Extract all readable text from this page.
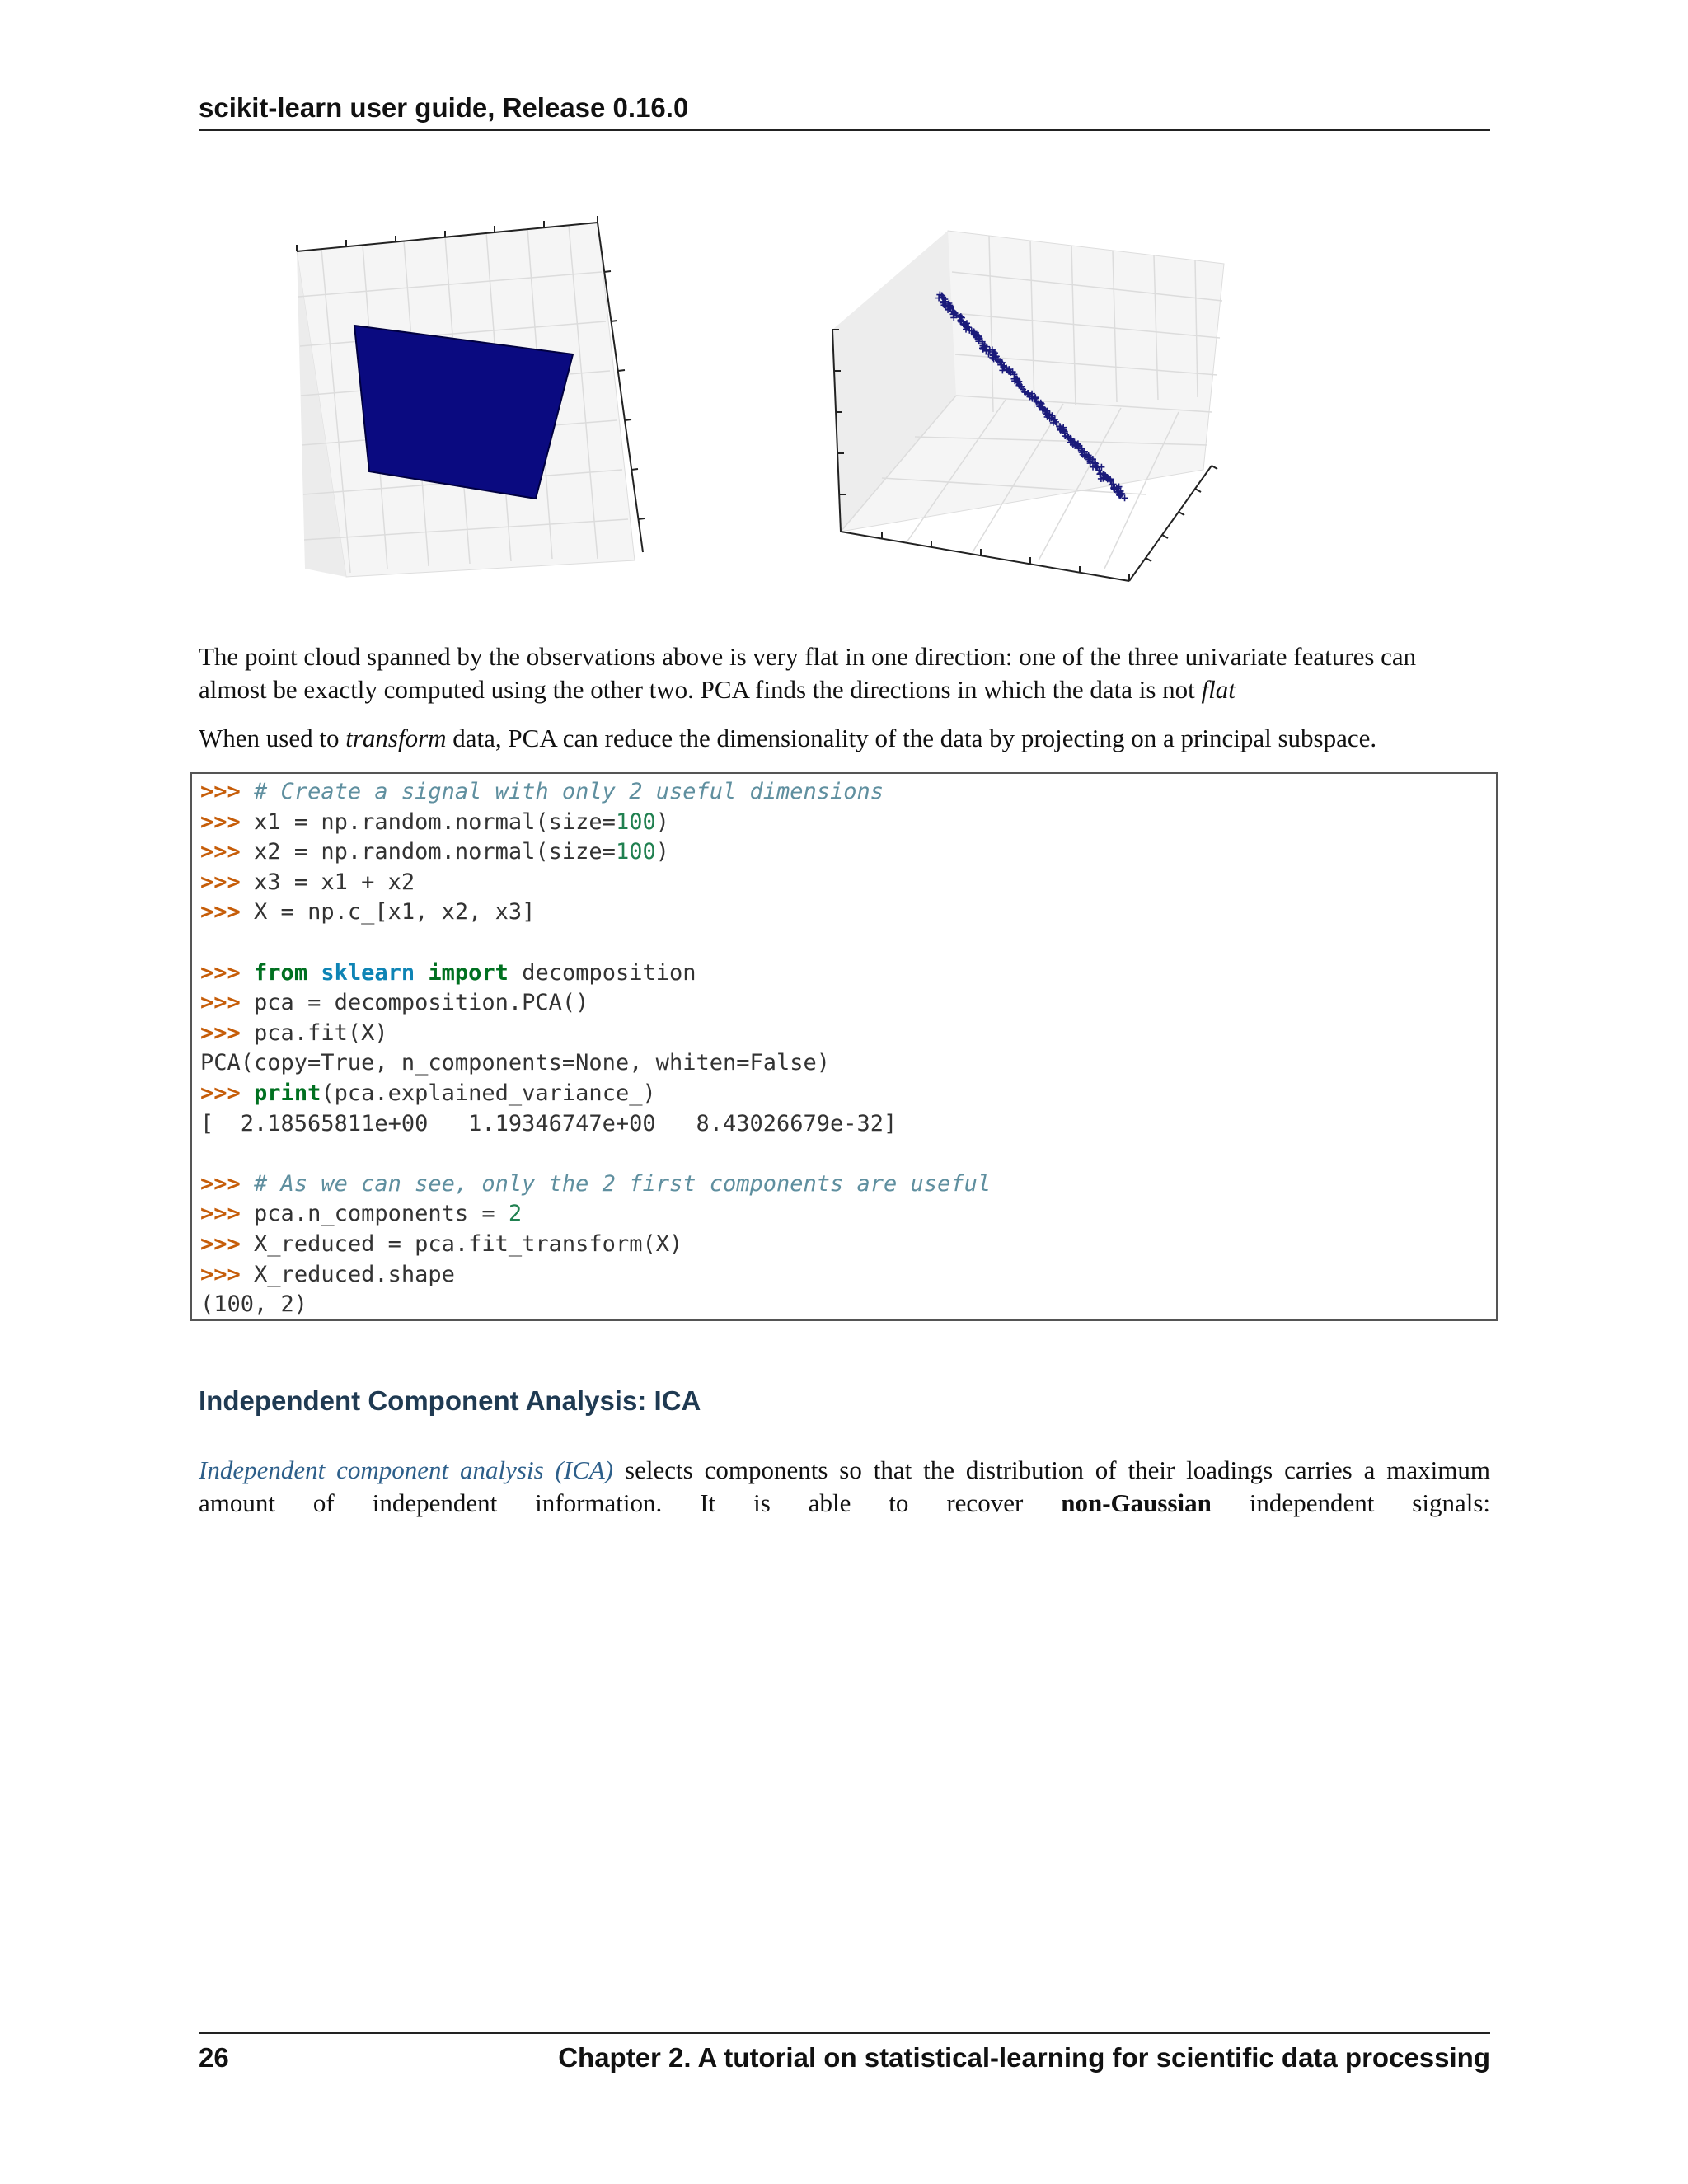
scikit-learn user guide, Release 0.16.0

The point cloud spanned by the observations above is very flat in one direction: one of the three univariate features can almost be exactly computed using the other two. PCA finds the directions in which the data is not flat

When used to transform data, PCA can reduce the dimensionality of the data by projecting on a principal subspace.

>>> # Create a signal with only 2 useful dimensions
>>> x1 = np.random.normal(size=100)
>>> x2 = np.random.normal(size=100)
>>> x3 = x1 + x2
>>> X = np.c_[x1, x2, x3]

>>> from sklearn import decomposition
>>> pca = decomposition.PCA()
>>> pca.fit(X)
PCA(copy=True, n_components=None, whiten=False)
>>> print(pca.explained_variance_)
[  2.18565811e+00   1.19346747e+00   8.43026679e-32]

>>> # As we can see, only the 2 first components are useful
>>> pca.n_components = 2
>>> X_reduced = pca.fit_transform(X)
>>> X_reduced.shape
(100, 2)
Independent Component Analysis: ICA

Independent component analysis (ICA) selects components so that the distribution of their loadings carries a maximum amount of independent information. It is able to recover non-Gaussian independent signals:

26	Chapter 2. A tutorial on statistical-learning for scientific data processing
